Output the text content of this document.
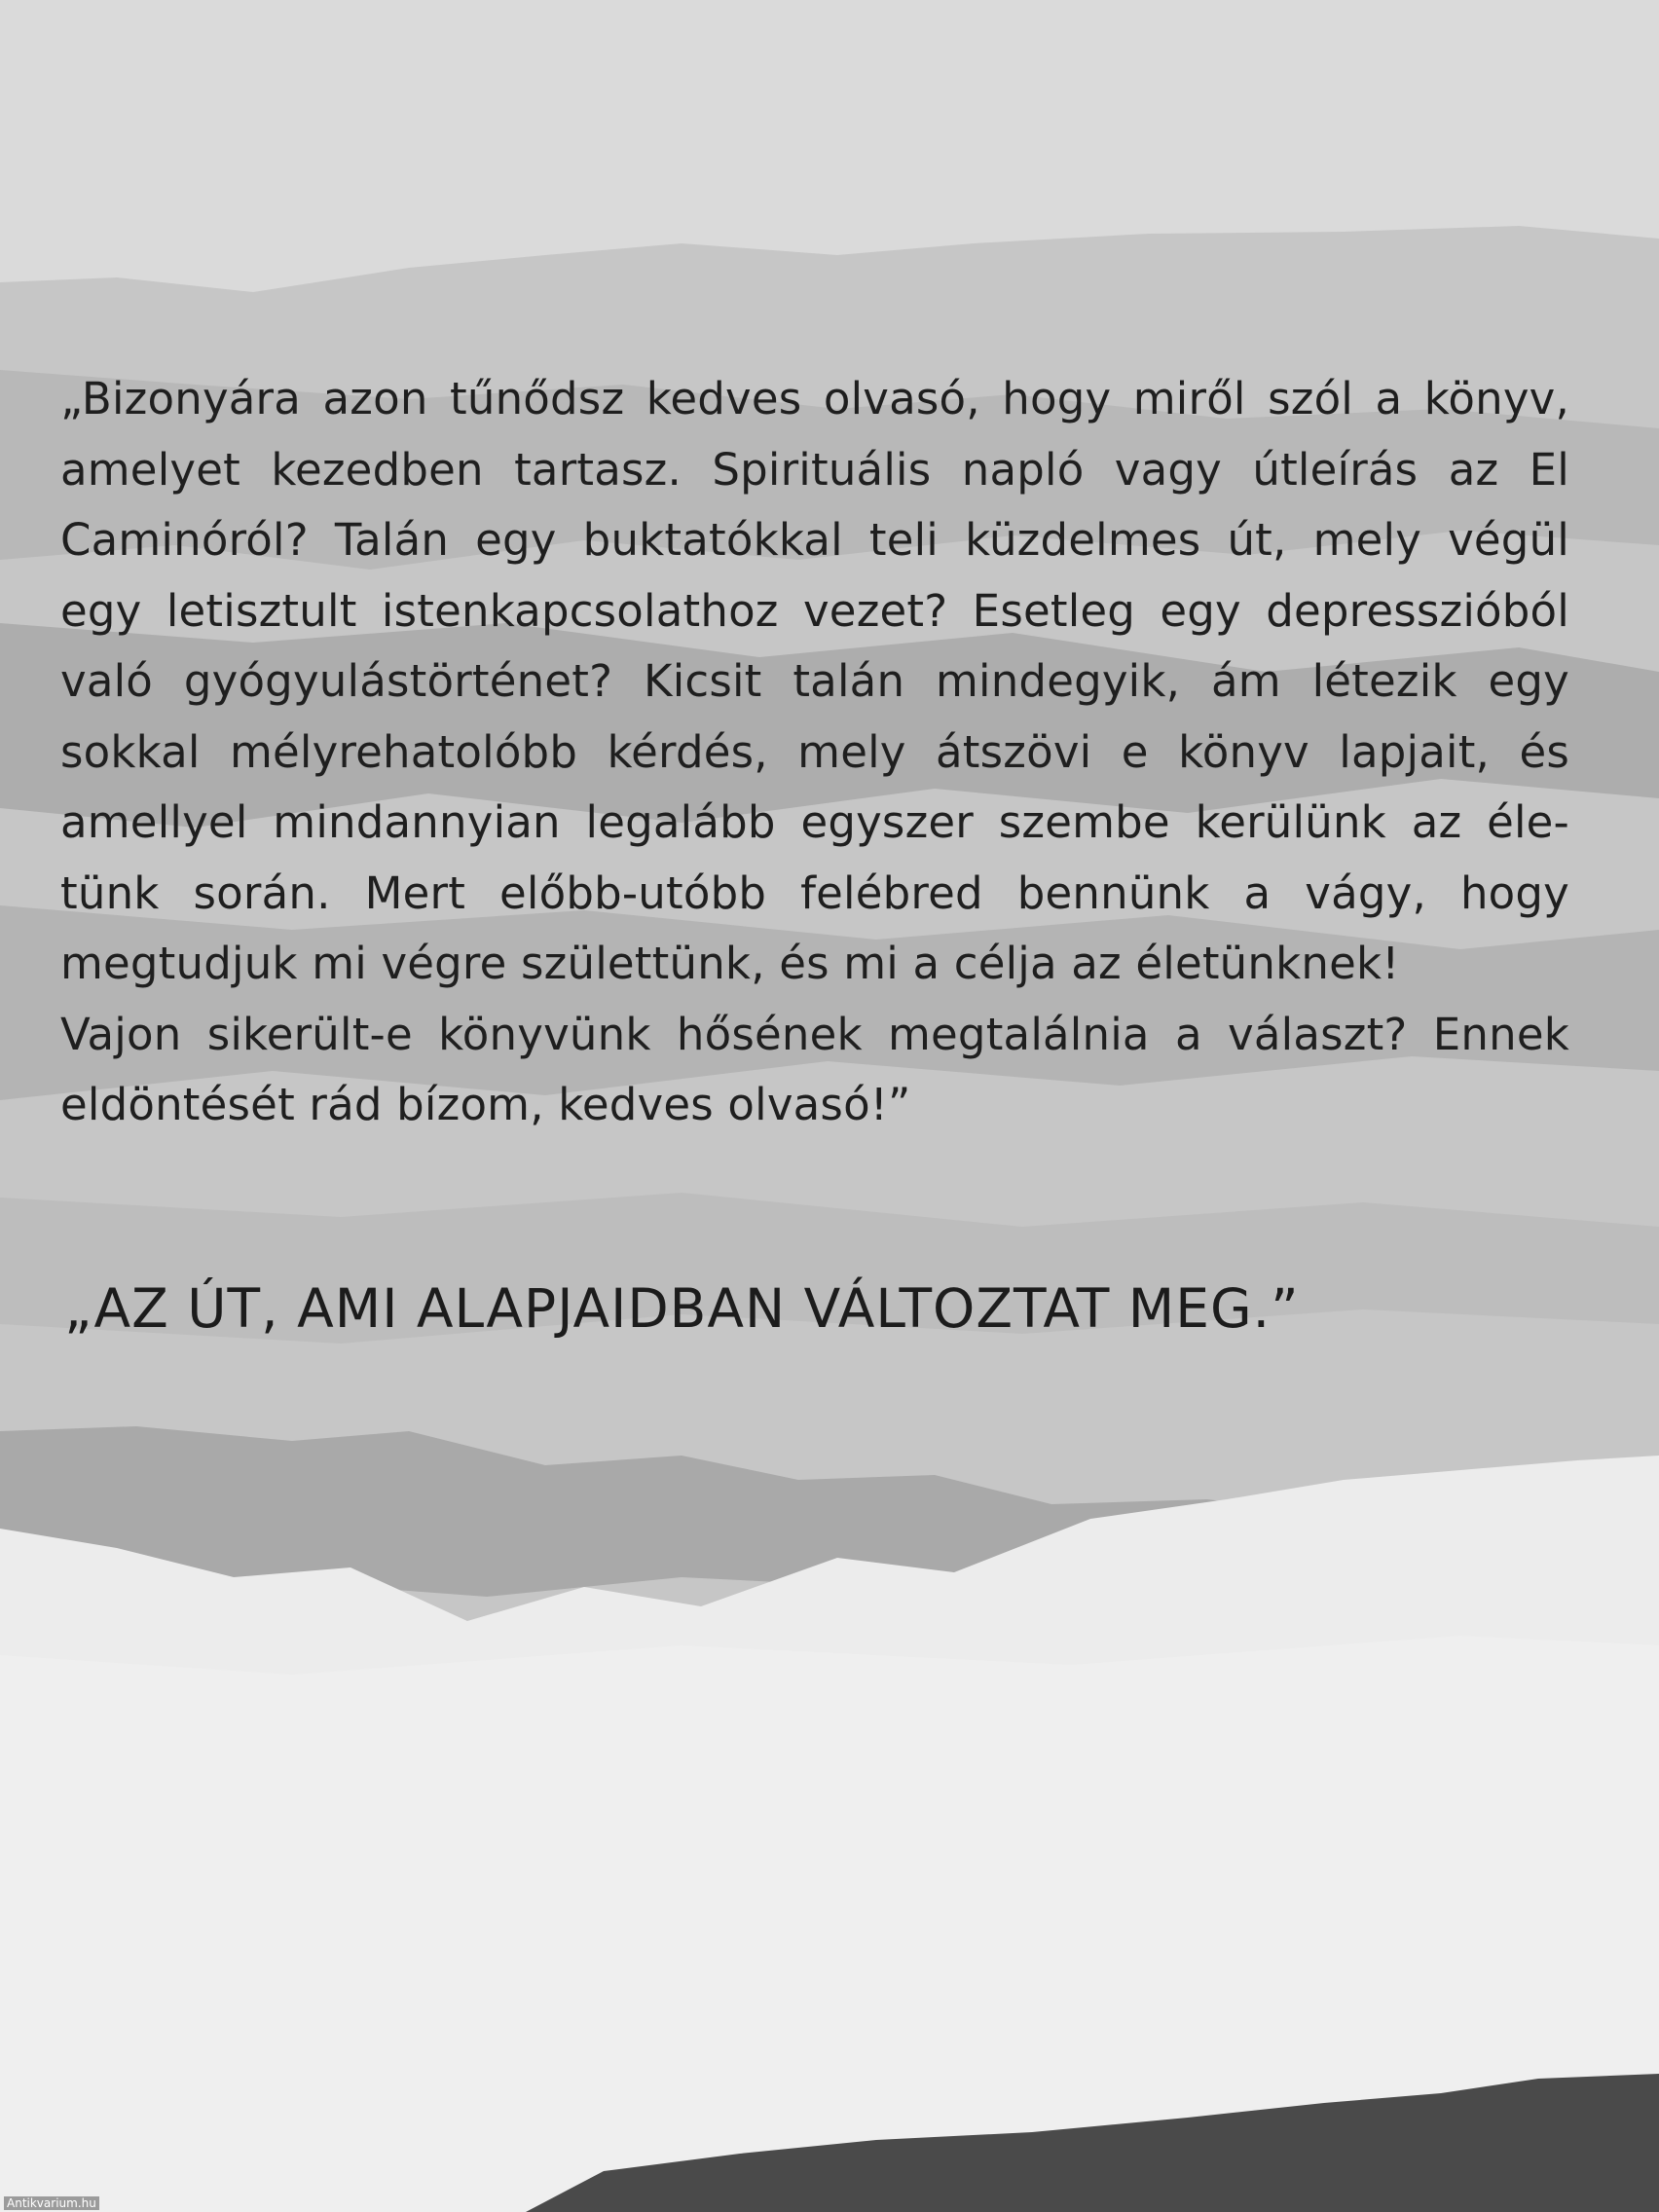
„Bizonyára azon tűnődsz kedves olvasó, hogy miről szól a könyv,
amelyet kezedben tartasz. Spirituális napló vagy útleírás az El
Caminóról? Talán egy buktatókkal teli küzdelmes út, mely végül
egy letisztult istenkapcsolathoz vezet? Esetleg egy depresszióból
való gyógyulástörténet? Kicsit talán mindegyik, ám létezik egy
sokkal mélyrehatolóbb kérdés, mely átszövi e könyv lapjait, és
amellyel mindannyian legalább egyszer szembe kerülünk az éle-
tünk során. Mert előbb-utóbb felébred bennünk a vágy, hogy
megtudjuk mi végre születtünk, és mi a célja az életünknek!
Vajon sikerült-e könyvünk hősének megtalálnia a választ? Ennek
eldöntését rád bízom, kedves olvasó!”
„AZ ÚT, AMI ALAPJAIDBAN VÁLTOZTAT MEG.”
Antikvarium.hu
